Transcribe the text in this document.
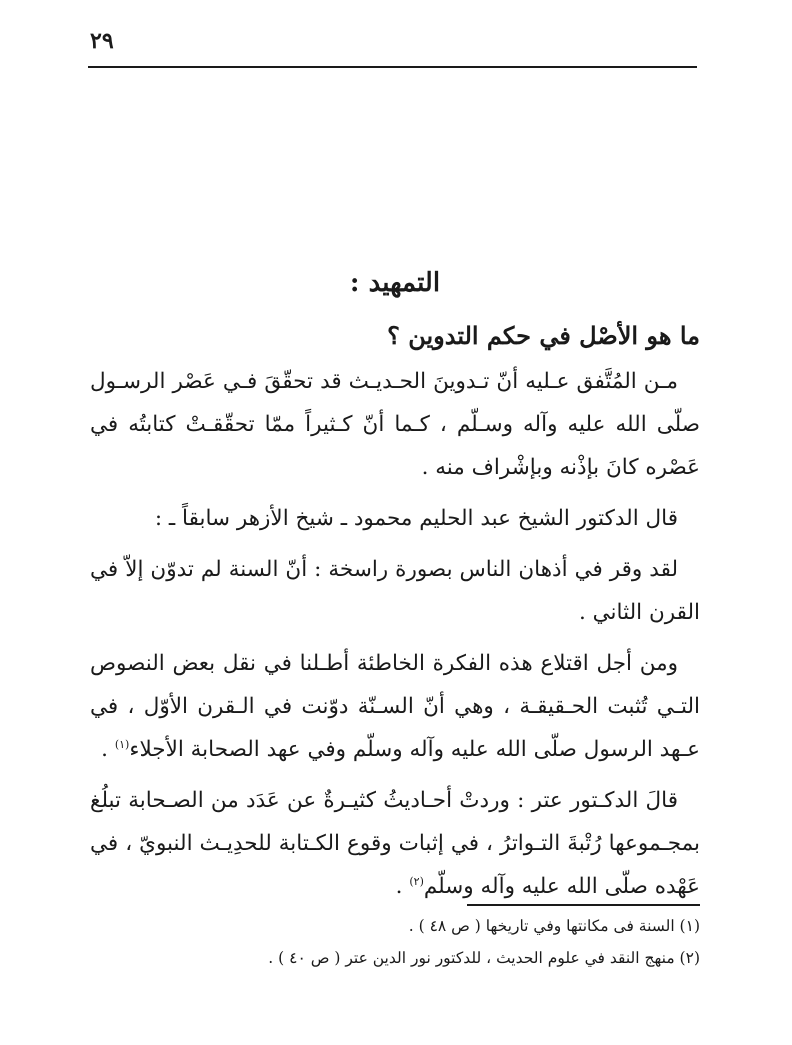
٢٩
التمهيد :
ما هو الأصْل في حكم التدوين ؟

مـن المُتَّفق عـليه أنّ تـدوينَ الحـديـث قد تحقّقَ فـي عَصْر الرسـول صلّى الله عليه وآله وسـلّم ، كـما أنّ كـثيراً ممّا تحقّقـتْ كتابتُه في عَصْره كانَ بإذْنه وبإشْراف منه .

قال الدكتور الشيخ عبد الحليم محمود ـ شيخ الأزهر سابقاً ـ :

لقد وقر في أذهان الناس بصورة راسخة : أنّ السنة لم تدوّن إلاّ في القرن الثاني .

ومن أجل اقتلاع هذه الفكرة الخاطئة أطـلنا في نقل بعض النصوص التـي تُثبت الحـقيقـة ، وهي أنّ السـنّة دوّنت في الـقرن الأوّل ، في عـهد الرسول صلّى الله عليه وآله وسلّم وفي عهد الصحابة الأجلاء$^{(١)}$ .

قالَ الدكـتور عتر : وردتْ أحـاديثُ كثيـرةٌ عن عَدَد من الصـحابة تبلُغ بمجـموعها رُتْبةَ التـواترُ ، في إثبات وقوع الكـتابة للحدِيـث النبويّ ، في عَهْده صلّى الله عليه وآله وسلّم$^{(٢)}$ .

(١) السنة فى مكانتها وفي تاريخها ( ص ٤٨ ) .

(٢) منهج النقد في علوم الحديث ، للدكتور نور الدين عتر ( ص ٤٠ ) .
